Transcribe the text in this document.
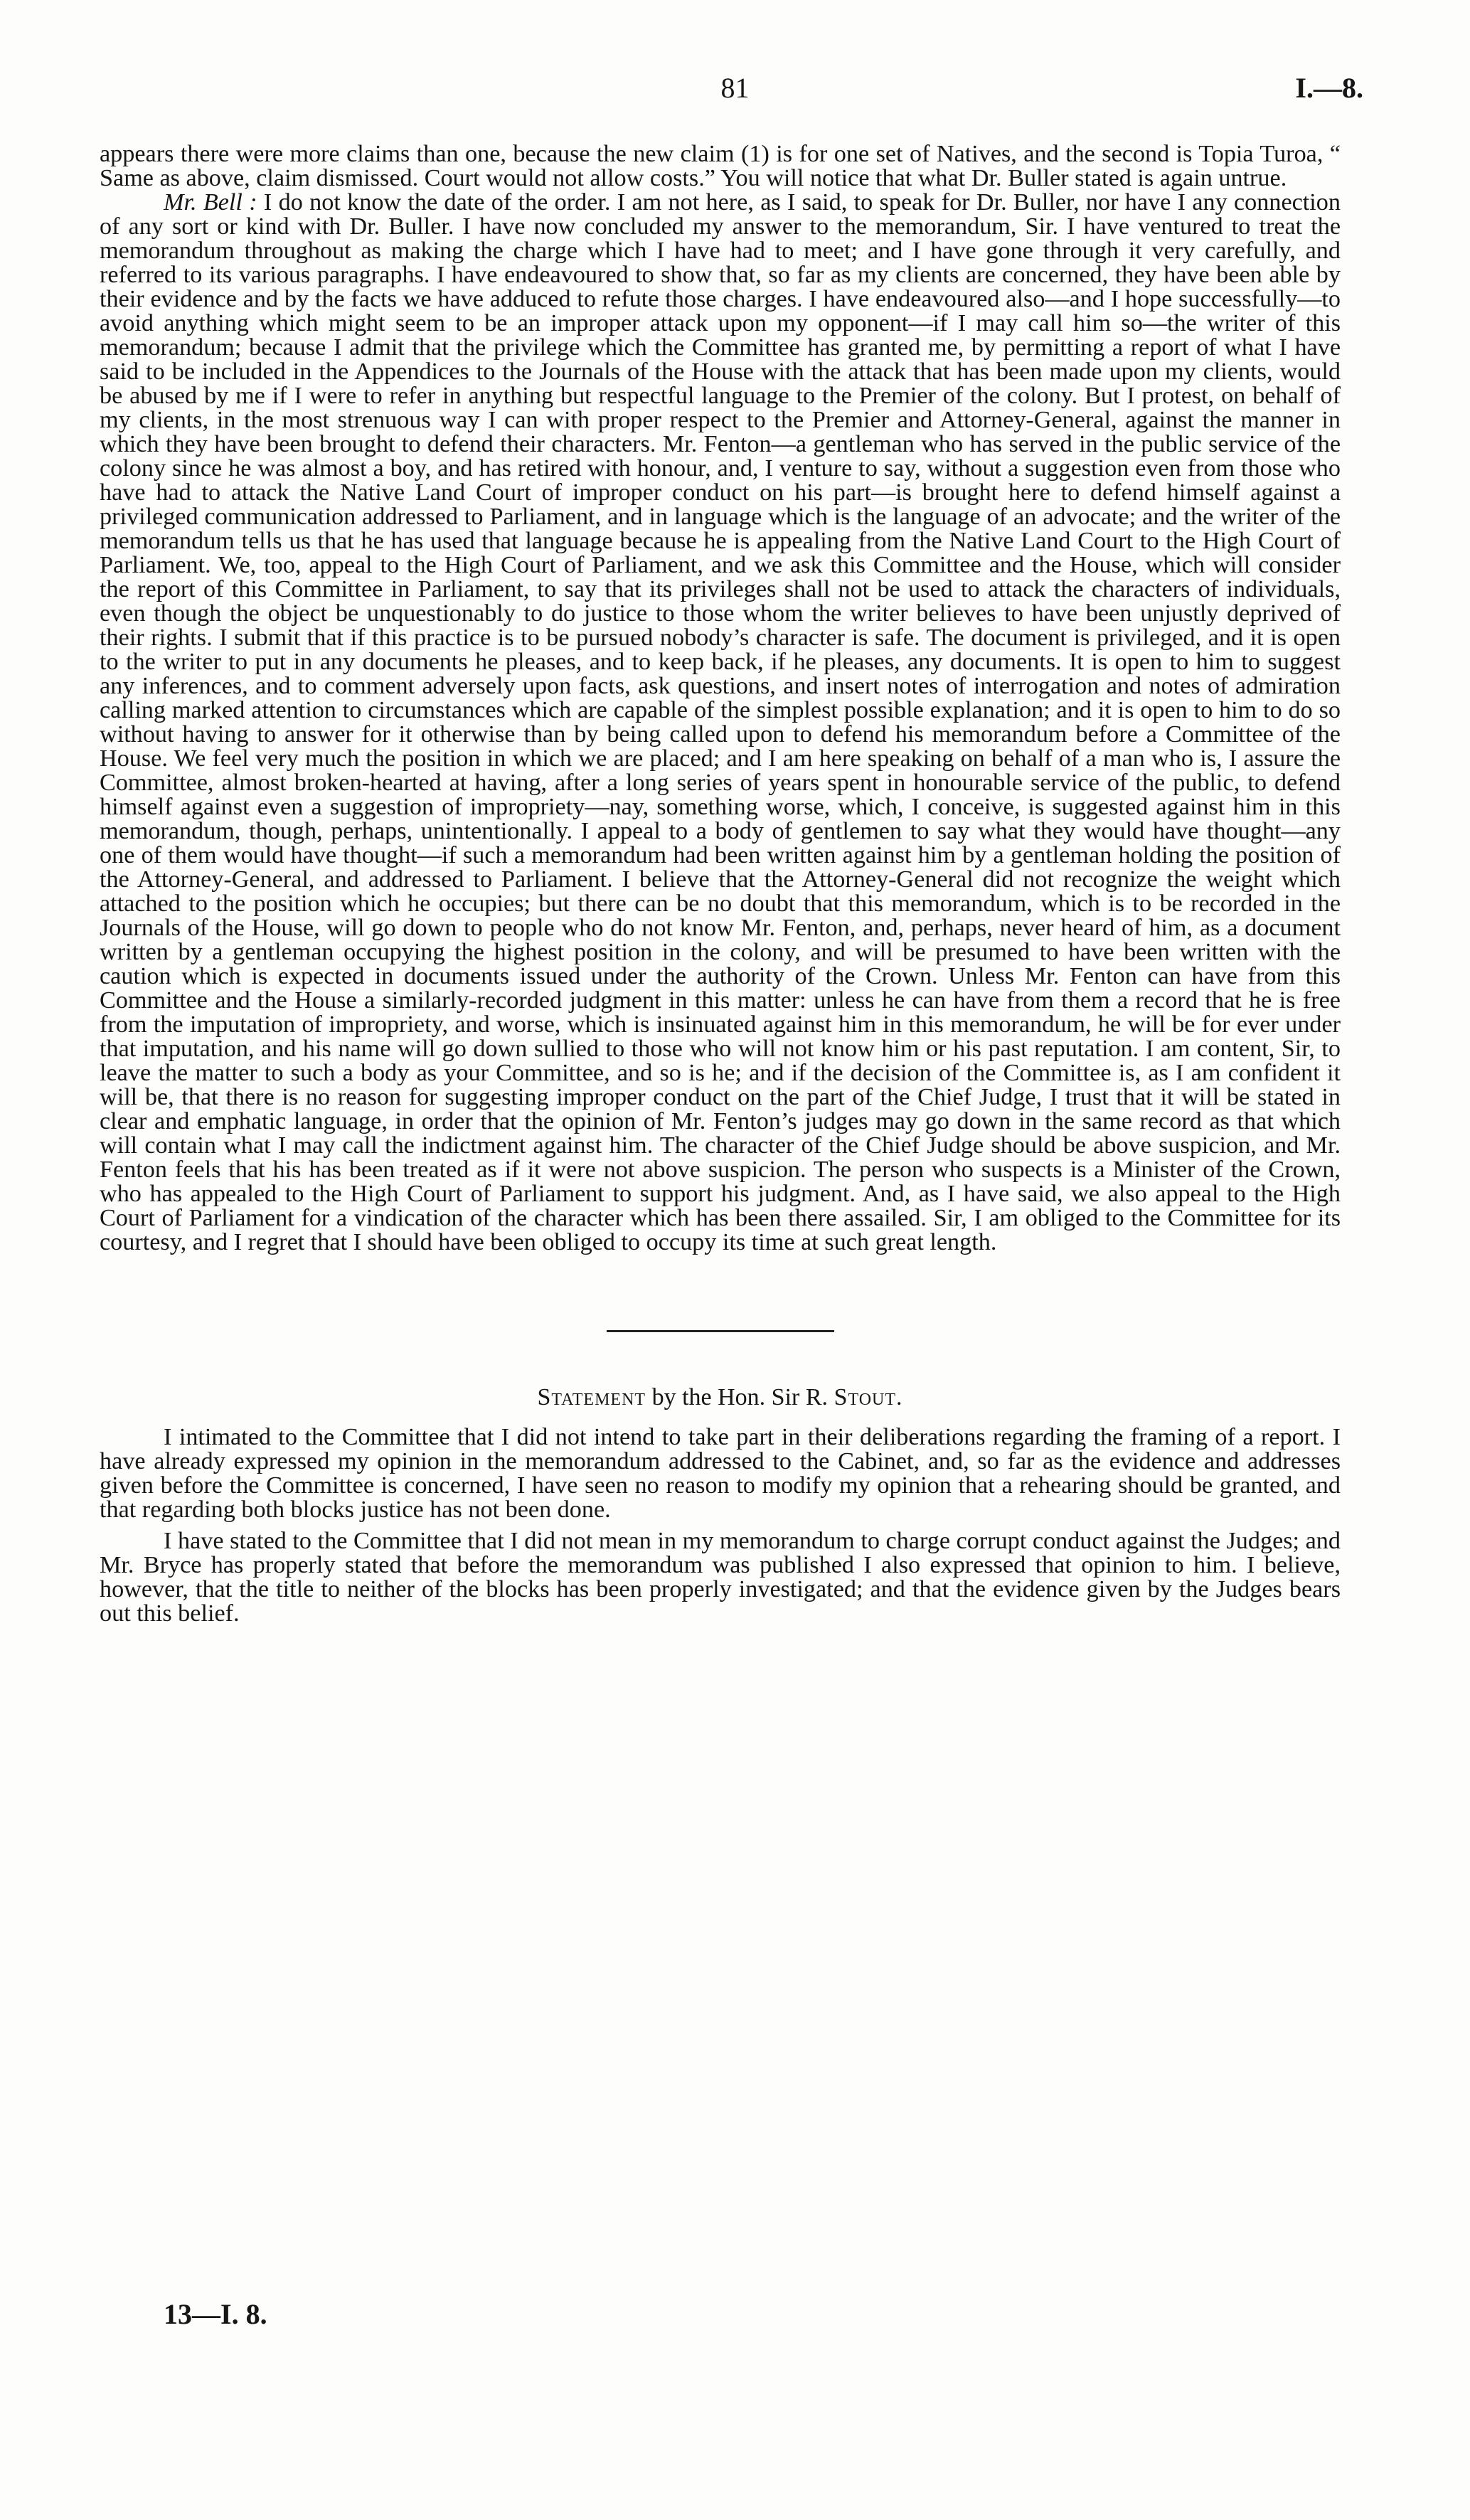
81	I.—8.

appears there were more claims than one, because the new claim (1) is for one set of Natives, and the second is Topia Turoa, “ Same as above, claim dismissed. Court would not allow costs.” You will notice that what Dr. Buller stated is again untrue.

Mr. Bell : I do not know the date of the order. I am not here, as I said, to speak for Dr. Buller, nor have I any connection of any sort or kind with Dr. Buller. I have now concluded my answer to the memorandum, Sir. I have ventured to treat the memorandum throughout as making the charge which I have had to meet; and I have gone through it very carefully, and referred to its various paragraphs. I have endeavoured to show that, so far as my clients are concerned, they have been able by their evidence and by the facts we have adduced to refute those charges. I have endeavoured also—and I hope successfully—to avoid anything which might seem to be an improper attack upon my opponent—if I may call him so—the writer of this memorandum; because I admit that the privilege which the Committee has granted me, by permitting a report of what I have said to be included in the Appendices to the Journals of the House with the attack that has been made upon my clients, would be abused by me if I were to refer in anything but respectful language to the Premier of the colony. But I protest, on behalf of my clients, in the most strenuous way I can with proper respect to the Premier and Attorney-General, against the manner in which they have been brought to defend their characters. Mr. Fenton—a gentleman who has served in the public service of the colony since he was almost a boy, and has retired with honour, and, I venture to say, without a suggestion even from those who have had to attack the Native Land Court of improper conduct on his part—is brought here to defend himself against a privileged communication addressed to Parliament, and in language which is the language of an advocate; and the writer of the memorandum tells us that he has used that language because he is appealing from the Native Land Court to the High Court of Parliament. We, too, appeal to the High Court of Parliament, and we ask this Committee and the House, which will consider the report of this Committee in Parliament, to say that its privileges shall not be used to attack the characters of individuals, even though the object be unquestionably to do justice to those whom the writer believes to have been unjustly deprived of their rights. I submit that if this practice is to be pursued nobody’s character is safe. The document is privileged, and it is open to the writer to put in any documents he pleases, and to keep back, if he pleases, any documents. It is open to him to suggest any inferences, and to comment adversely upon facts, ask questions, and insert notes of interrogation and notes of admiration calling marked attention to circumstances which are capable of the simplest possible explanation; and it is open to him to do so without having to answer for it otherwise than by being called upon to defend his memorandum before a Committee of the House. We feel very much the position in which we are placed; and I am here speaking on behalf of a man who is, I assure the Committee, almost broken-hearted at having, after a long series of years spent in honourable service of the public, to defend himself against even a suggestion of impropriety—nay, something worse, which, I conceive, is suggested against him in this memorandum, though, perhaps, unintentionally. I appeal to a body of gentlemen to say what they would have thought—any one of them would have thought—if such a memorandum had been written against him by a gentleman holding the position of the Attorney-General, and addressed to Parliament. I believe that the Attorney-General did not recognize the weight which attached to the position which he occupies; but there can be no doubt that this memorandum, which is to be recorded in the Journals of the House, will go down to people who do not know Mr. Fenton, and, perhaps, never heard of him, as a document written by a gentleman occupying the highest position in the colony, and will be presumed to have been written with the caution which is expected in documents issued under the authority of the Crown. Unless Mr. Fenton can have from this Committee and the House a similarly-recorded judgment in this matter: unless he can have from them a record that he is free from the imputation of impropriety, and worse, which is insinuated against him in this memorandum, he will be for ever under that imputation, and his name will go down sullied to those who will not know him or his past reputation. I am content, Sir, to leave the matter to such a body as your Committee, and so is he; and if the decision of the Committee is, as I am confident it will be, that there is no reason for suggesting improper conduct on the part of the Chief Judge, I trust that it will be stated in clear and emphatic language, in order that the opinion of Mr. Fenton’s judges may go down in the same record as that which will contain what I may call the indictment against him. The character of the Chief Judge should be above suspicion, and Mr. Fenton feels that his has been treated as if it were not above suspicion. The person who suspects is a Minister of the Crown, who has appealed to the High Court of Parliament to support his judgment. And, as I have said, we also appeal to the High Court of Parliament for a vindication of the character which has been there assailed. Sir, I am obliged to the Committee for its courtesy, and I regret that I should have been obliged to occupy its time at such great length.

Statement by the Hon. Sir R. Stout.

I intimated to the Committee that I did not intend to take part in their deliberations regarding the framing of a report. I have already expressed my opinion in the memorandum addressed to the Cabinet, and, so far as the evidence and addresses given before the Committee is concerned, I have seen no reason to modify my opinion that a rehearing should be granted, and that regarding both blocks justice has not been done.

I have stated to the Committee that I did not mean in my memorandum to charge corrupt conduct against the Judges; and Mr. Bryce has properly stated that before the memorandum was published I also expressed that opinion to him. I believe, however, that the title to neither of the blocks has been properly investigated; and that the evidence given by the Judges bears out this belief.

13—I. 8.
